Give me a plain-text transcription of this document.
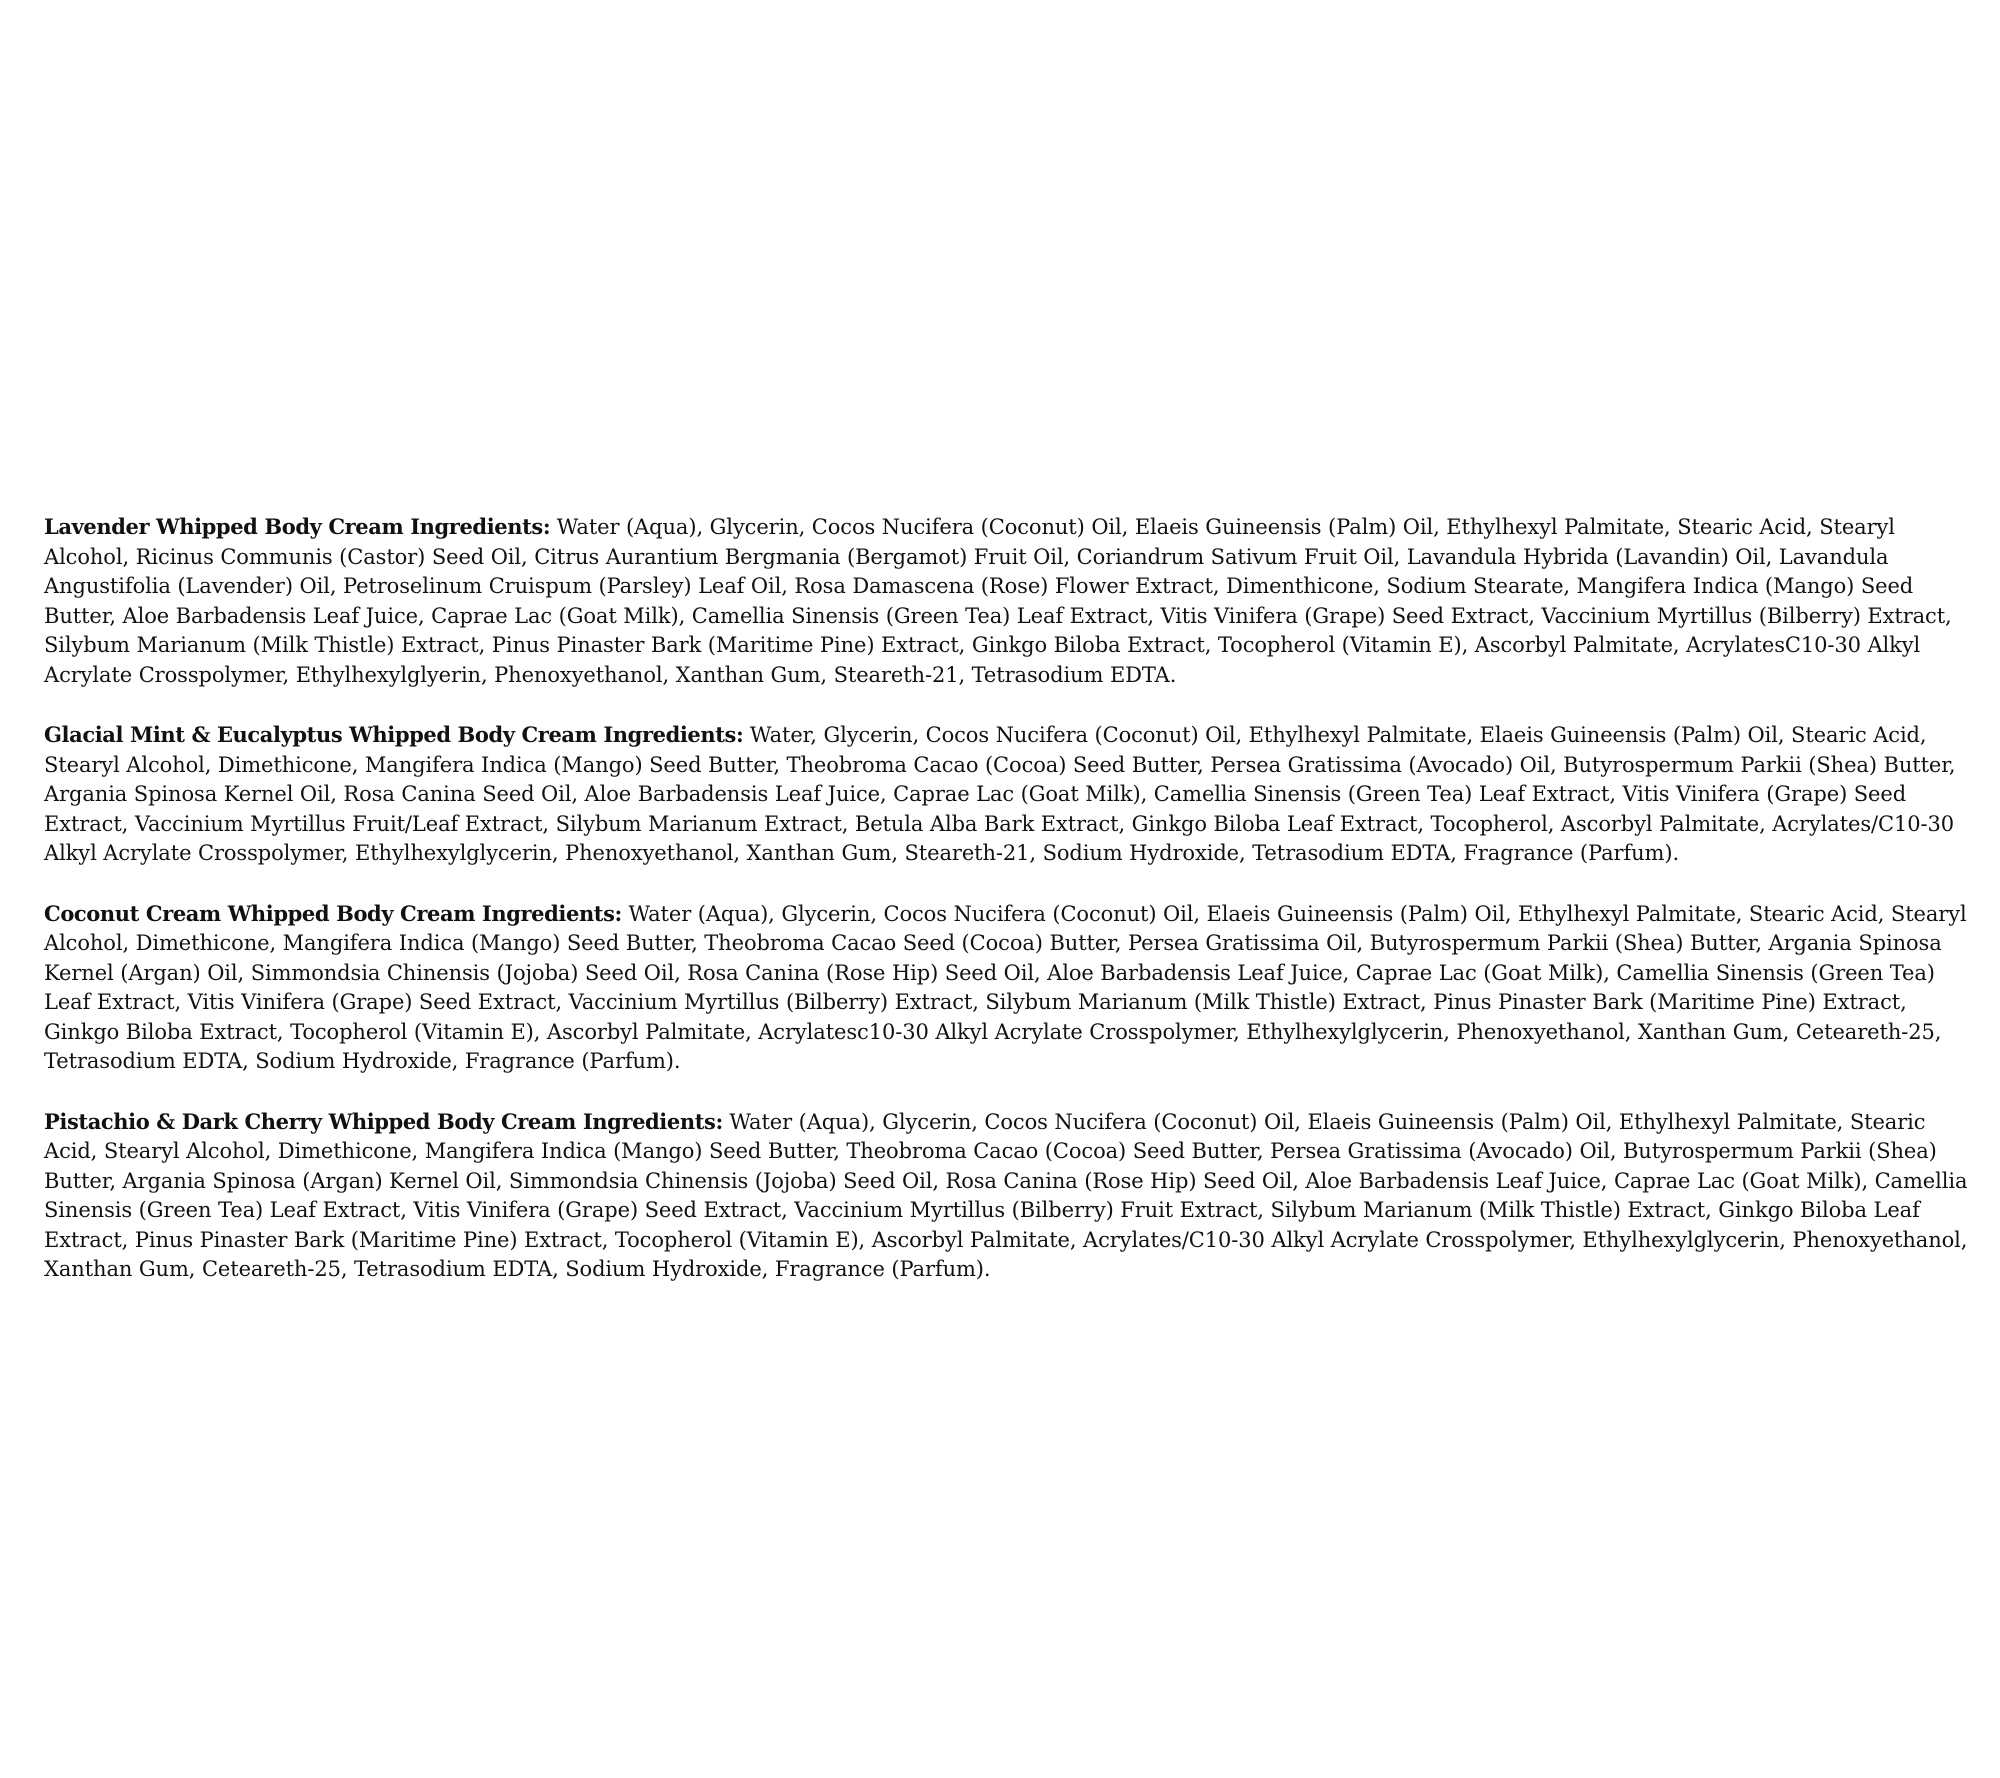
Lavender Whipped Body Cream Ingredients: Water (Aqua), Glycerin, Cocos Nucifera (Coconut) Oil, Elaeis Guineensis (Palm) Oil, Ethylhexyl Palmitate, Stearic Acid, Stearyl Alcohol, Ricinus Communis (Castor) Seed Oil, Citrus Aurantium Bergmania (Bergamot) Fruit Oil, Coriandrum Sativum Fruit Oil, Lavandula Hybrida (Lavandin) Oil, Lavandula Angustifolia (Lavender) Oil, Petroselinum Cruispum (Parsley) Leaf Oil, Rosa Damascena (Rose) Flower Extract, Dimenthicone, Sodium Stearate, Mangifera Indica (Mango) Seed Butter, Aloe Barbadensis Leaf Juice, Caprae Lac (Goat Milk), Camellia Sinensis (Green Tea) Leaf Extract, Vitis Vinifera (Grape) Seed Extract, Vaccinium Myrtillus (Bilberry) Extract, Silybum Marianum (Milk Thistle) Extract, Pinus Pinaster Bark (Maritime Pine) Extract, Ginkgo Biloba Extract, Tocopherol (Vitamin E), Ascorbyl Palmitate, AcrylatesC10-30 Alkyl Acrylate Crosspolymer, Ethylhexylglyerin, Phenoxyethanol, Xanthan Gum, Steareth-21, Tetrasodium EDTA.

Glacial Mint & Eucalyptus Whipped Body Cream Ingredients: Water, Glycerin, Cocos Nucifera (Coconut) Oil, Ethylhexyl Palmitate, Elaeis Guineensis (Palm) Oil, Stearic Acid, Stearyl Alcohol, Dimethicone, Mangifera Indica (Mango) Seed Butter, Theobroma Cacao (Cocoa) Seed Butter, Persea Gratissima (Avocado) Oil, Butyrospermum Parkii (Shea) Butter, Argania Spinosa Kernel Oil, Rosa Canina Seed Oil, Aloe Barbadensis Leaf Juice, Caprae Lac (Goat Milk), Camellia Sinensis (Green Tea) Leaf Extract, Vitis Vinifera (Grape) Seed Extract, Vaccinium Myrtillus Fruit/Leaf Extract, Silybum Marianum Extract, Betula Alba Bark Extract, Ginkgo Biloba Leaf Extract, Tocopherol, Ascorbyl Palmitate, Acrylates/C10-30 Alkyl Acrylate Crosspolymer, Ethylhexylglycerin, Phenoxyethanol, Xanthan Gum, Steareth-21, Sodium Hydroxide, Tetrasodium EDTA, Fragrance (Parfum).

Coconut Cream Whipped Body Cream Ingredients: Water (Aqua), Glycerin, Cocos Nucifera (Coconut) Oil, Elaeis Guineensis (Palm) Oil, Ethylhexyl Palmitate, Stearic Acid, Stearyl Alcohol, Dimethicone, Mangifera Indica (Mango) Seed Butter, Theobroma Cacao Seed (Cocoa) Butter, Persea Gratissima Oil, Butyrospermum Parkii (Shea) Butter, Argania Spinosa Kernel (Argan) Oil, Simmondsia Chinensis (Jojoba) Seed Oil, Rosa Canina (Rose Hip) Seed Oil, Aloe Barbadensis Leaf Juice, Caprae Lac (Goat Milk), Camellia Sinensis (Green Tea) Leaf Extract, Vitis Vinifera (Grape) Seed Extract, Vaccinium Myrtillus (Bilberry) Extract, Silybum Marianum (Milk Thistle) Extract, Pinus Pinaster Bark (Maritime Pine) Extract, Ginkgo Biloba Extract, Tocopherol (Vitamin E), Ascorbyl Palmitate, Acrylatesc10-30 Alkyl Acrylate Crosspolymer, Ethylhexylglycerin, Phenoxyethanol, Xanthan Gum, Ceteareth-25, Tetrasodium EDTA, Sodium Hydroxide, Fragrance (Parfum).

Pistachio & Dark Cherry Whipped Body Cream Ingredients: Water (Aqua), Glycerin, Cocos Nucifera (Coconut) Oil, Elaeis Guineensis (Palm) Oil, Ethylhexyl Palmitate, Stearic Acid, Stearyl Alcohol, Dimethicone, Mangifera Indica (Mango) Seed Butter, Theobroma Cacao (Cocoa) Seed Butter, Persea Gratissima (Avocado) Oil, Butyrospermum Parkii (Shea) Butter, Argania Spinosa (Argan) Kernel Oil, Simmondsia Chinensis (Jojoba) Seed Oil, Rosa Canina (Rose Hip) Seed Oil, Aloe Barbadensis Leaf Juice, Caprae Lac (Goat Milk), Camellia Sinensis (Green Tea) Leaf Extract, Vitis Vinifera (Grape) Seed Extract, Vaccinium Myrtillus (Bilberry) Fruit Extract, Silybum Marianum (Milk Thistle) Extract, Ginkgo Biloba Leaf Extract, Pinus Pinaster Bark (Maritime Pine) Extract, Tocopherol (Vitamin E), Ascorbyl Palmitate, Acrylates/C10-30 Alkyl Acrylate Crosspolymer, Ethylhexylglycerin, Phenoxyethanol, Xanthan Gum, Ceteareth-25, Tetrasodium EDTA, Sodium Hydroxide, Fragrance (Parfum).
